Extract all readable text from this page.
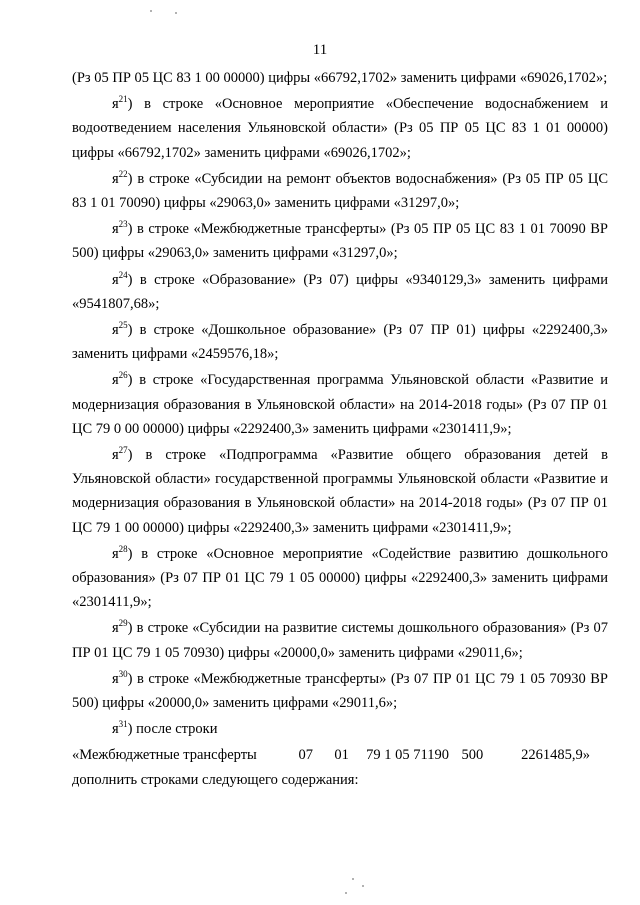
11

(Рз 05 ПР 05 ЦС 83 1 00 00000) цифры «66792,1702» заменить цифрами «69026,1702»;

$я^{21}$) в строке «Основное мероприятие «Обеспечение водоснабжением и водоотведением населения Ульяновской области» (Рз 05 ПР 05 ЦС 83 1 01 00000) цифры «66792,1702» заменить цифрами «69026,1702»;

$я^{22}$) в строке «Субсидии на ремонт объектов водоснабжения» (Рз 05 ПР 05 ЦС 83 1 01 70090) цифры «29063,0» заменить цифрами «31297,0»;

$я^{23}$) в строке «Межбюджетные трансферты» (Рз 05 ПР 05 ЦС 83 1 01 70090 ВР 500) цифры «29063,0» заменить цифрами «31297,0»;

$я^{24}$) в строке «Образование» (Рз 07) цифры «9340129,3» заменить цифрами «9541807,68»;

$я^{25}$) в строке «Дошкольное образование» (Рз 07 ПР 01) цифры «2292400,3» заменить цифрами «2459576,18»;

$я^{26}$) в строке «Государственная программа Ульяновской области «Развитие и модернизация образования в Ульяновской области» на 2014-2018 годы» (Рз 07 ПР 01 ЦС 79 0 00 00000) цифры «2292400,3» заменить цифрами «2301411,9»;

$я^{27}$) в строке «Подпрограмма «Развитие общего образования детей в Ульяновской области» государственной программы Ульяновской области «Развитие и модернизация образования в Ульяновской области» на 2014-2018 годы» (Рз 07 ПР 01 ЦС 79 1 00 00000) цифры «2292400,3» заменить цифрами «2301411,9»;

$я^{28}$) в строке «Основное мероприятие «Содействие развитию дошкольного образования» (Рз 07 ПР 01 ЦС 79 1 05 00000) цифры «2292400,3» заменить цифрами «2301411,9»;

$я^{29}$) в строке «Субсидии на развитие системы дошкольного образования» (Рз 07 ПР 01 ЦС 79 1 05 70930) цифры «20000,0» заменить цифрами «29011,6»;

$я^{30}$) в строке «Межбюджетные трансферты» (Рз 07 ПР 01 ЦС 79 1 05 70930 ВР 500) цифры «20000,0» заменить цифрами «29011,6»;

$я^{31}$) после строки

«Межбюджетные трансферты	07	01	79 1 05 71190 500	2261485,9»

дополнить строками следующего содержания:
